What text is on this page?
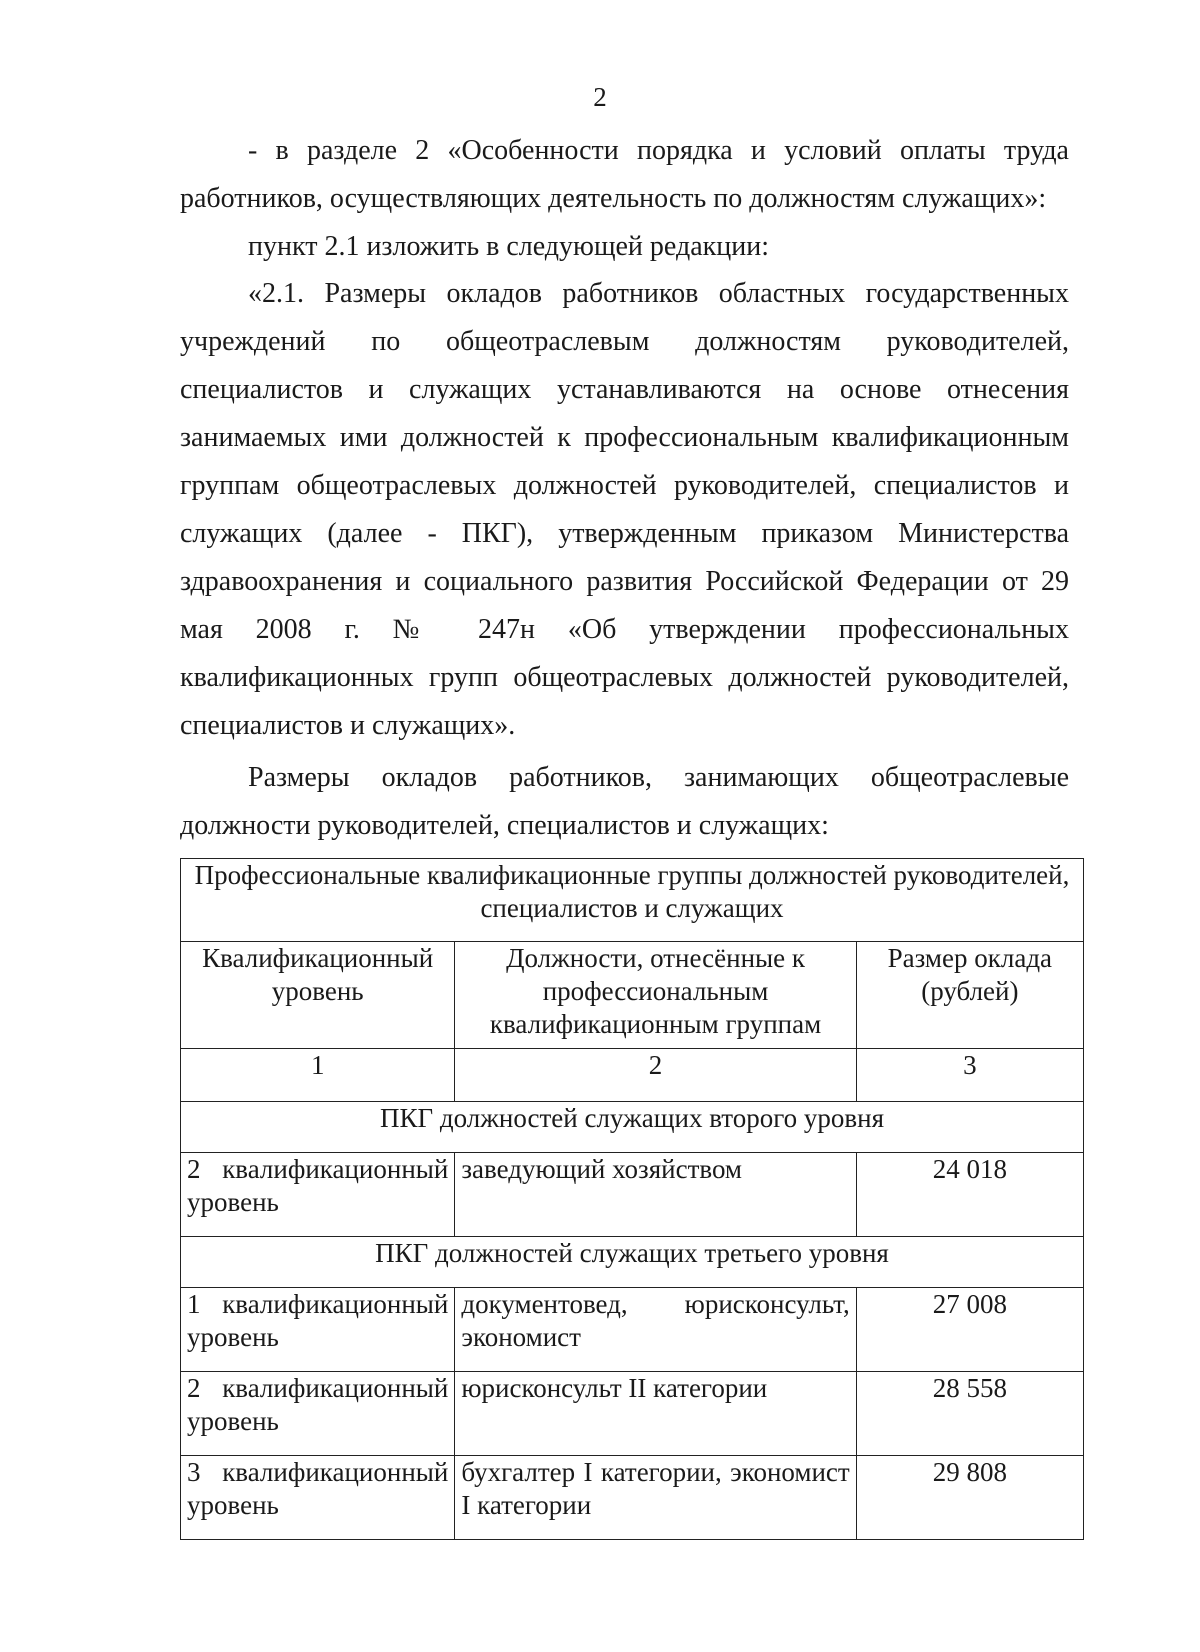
2

- в разделе 2 «Особенности порядка и условий оплаты труда работников, осуществляющих деятельность по должностям служащих»:

пункт 2.1 изложить в следующей редакции:

«2.1. Размеры окладов работников областных государственных учреждений по общеотраслевым должностям руководителей, специалистов и служащих устанавливаются на основе отнесения занимаемых ими должностей к профессиональным квалификационным группам общеотраслевых должностей руководителей, специалистов и служащих (далее - ПКГ), утвержденным приказом Министерства здравоохранения и социального развития Российской Федерации от 29 мая 2008 г. № 247н «Об утверждении профессиональных квалификационных групп общеотраслевых должностей руководителей, специалистов и служащих».

Размеры окладов работников, занимающих общеотраслевые должности руководителей, специалистов и служащих:

Профессиональные квалификационные группы должностей руководителей, специалистов и служащих		
Квалификационный уровень	Должности, отнесённые к профессиональным квалификационным группам	Размер оклада (рублей)
1	2	3
ПКГ должностей служащих второго уровня		

2 квалификационный
уровень	заведующий хозяйством	24 018
ПКГ должностей служащих третьего уровня		

1 квалификационный
уровень	документовед, юрисконсульт, экономист	27 008

2 квалификационный
уровень	юрисконсульт II категории	28 558

3 квалификационный
уровень	бухгалтер I категории, экономист I категории	29 808
